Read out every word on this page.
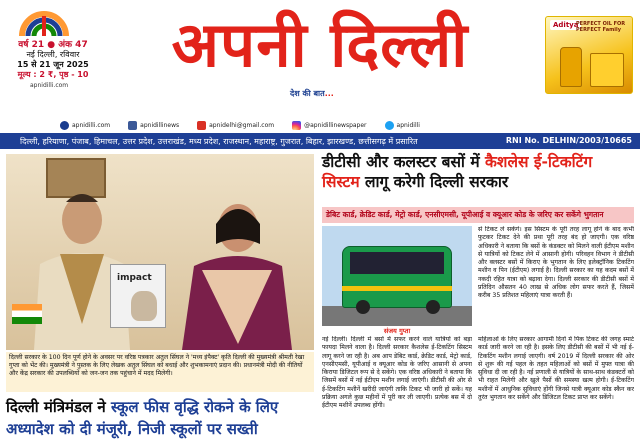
वर्ष 21 ● अंक 47
नई दिल्ली, रविवार
15 से 21 जून 2025
मूल्य : 2 ₹, पृष्ठ - 10
apnidilli.com
अपनी दिल्ली
देश की बात...
Aditya
PERFECT OIL FOR PERFECT Family
apnidilli.com	apnidillinews	apnidelhi@gmail.com	@apnidillinewspaper	apnidilli
दिल्ली, हरियाणा, पंजाब, हिमाचल, उत्तर प्रदेश, उत्तराखंड, मध्य प्रदेश, राजस्थान, महाराष्ट्र, गुजरात, बिहार, झारखण्ड, छत्तीसगढ़ में प्रसारित	RNI No. DELHIN/2003/10665
impact
दिल्ली सरकार के 100 दिन पूर्ण होने के अवसर पर वरिष्ठ पत्रकार अतुल सिंघल ने 'मध्य इंपैक्ट' कृति दिल्ली की मुख्यमंत्री श्रीमती रेखा गुप्ता को भेंट की। मुख्यमंत्री ने पुस्तक के लिए लेखक अतुल सिंघल को बधाई और शुभकामनाएं प्रदान की। प्रधानमंत्री मोदी की नीतियों और केंद्र सरकार की उपलब्धियों को जन-जन तक पहुंचाने में मदद मिलेगी।
दिल्ली मंत्रिमंडल ने स्कूल फीस वृद्धि रोकने के लिए अध्यादेश को दी मंजूरी, निजी स्कूलों पर सख्ती
डीटीसी और कलस्टर बसों में कैशलेस ई-टिकटिंग सिस्टम लागू करेगी दिल्ली सरकार
डेबिट कार्ड, क्रेडिट कार्ड, मेट्रो कार्ड, एनसीएमसी, यूपीआई व क्यूआर कोड के जरिए कर सकेंगे भुगतान
संजय गुप्ता
से टिकट ले सकेंगे। इस सिस्टम के पूरी तरह लागू होने के बाद कभी फुटकर टिकट देने की प्रथा पूरी तरह बंद हो जाएगी। एक वरिष्ठ अधिकारी ने बताया कि बसों के कंडक्टर को मिलने वाली ईटीएम मशीन से यात्रियों को टिकट लेने में आसानी होगी। परिवहन विभाग ने डीटीसी और क्लस्टर बसों में किराए के भुगतान के लिए इलेक्ट्रॉनिक टिकटिंग मशीन व पिन (ईटीएम) लगाई है। दिल्ली सरकार का यह कदम बसों में नकदी रहित यात्रा को बढ़ावा देगा। दिल्ली सरकार की डीटीसी बसों में प्रतिदिन औसतन 40 लाख से अधिक लोग सफर करते हैं, जिसमें करीब 35 प्रतिशत महिलाएं यात्रा करती हैं।
नई दिल्ली। दिल्ली में बसों में सफर करने वाले यात्रियों को बड़ा फायदा मिलने वाला है। दिल्ली सरकार कैशलेस ई-टिकटिंग सिस्टम लागू करने जा रही है। अब आप डेबिट कार्ड, क्रेडिट कार्ड, मेट्रो कार्ड, एनसीएमसी, यूपीआई व क्यूआर कोड के जरिए आसानी से अपना किराया डिजिटल रूप से दे सकेंगे। एक वरिष्ठ अधिकारी ने बताया कि जिसमें बसों में नई ईटीएम मशीन लगाई जाएंगी। डीटीसी की ओर से ई-टिकटिंग मशीनें खरीदी जाएंगी ताकि टिकट भी जारी हो सकें। यह प्रक्रिया अगले कुछ महीनों में पूरी कर ली जाएगी। प्रत्येक बस में दो ईटीएम मशीनें उपलब्ध होंगी।
महिलाओं के लिए सरकार आगामी दिनों में पिंक टिकट की जगह स्मार्ट कार्ड जारी करने जा रही है। इसके लिए डीटीसी की बसों में भी नई ई-टिकटिंग मशीन लगाई जाएगी। वर्ष 2019 में दिल्ली सरकार की ओर से शुरू की गई पहल के तहत महिलाओं को बसों में मुफ्त यात्रा की सुविधा दी जा रही है। नई प्रणाली से यात्रियों के साथ-साथ कंडक्टरों को भी राहत मिलेगी और खुले पैसों की समस्या खत्म होगी। ई-टिकटिंग मशीनों में आधुनिक सुविधाएं होंगी जिनसे यात्री क्यूआर कोड स्कैन कर तुरंत भुगतान कर सकेंगे और डिजिटल टिकट प्राप्त कर सकेंगे।
